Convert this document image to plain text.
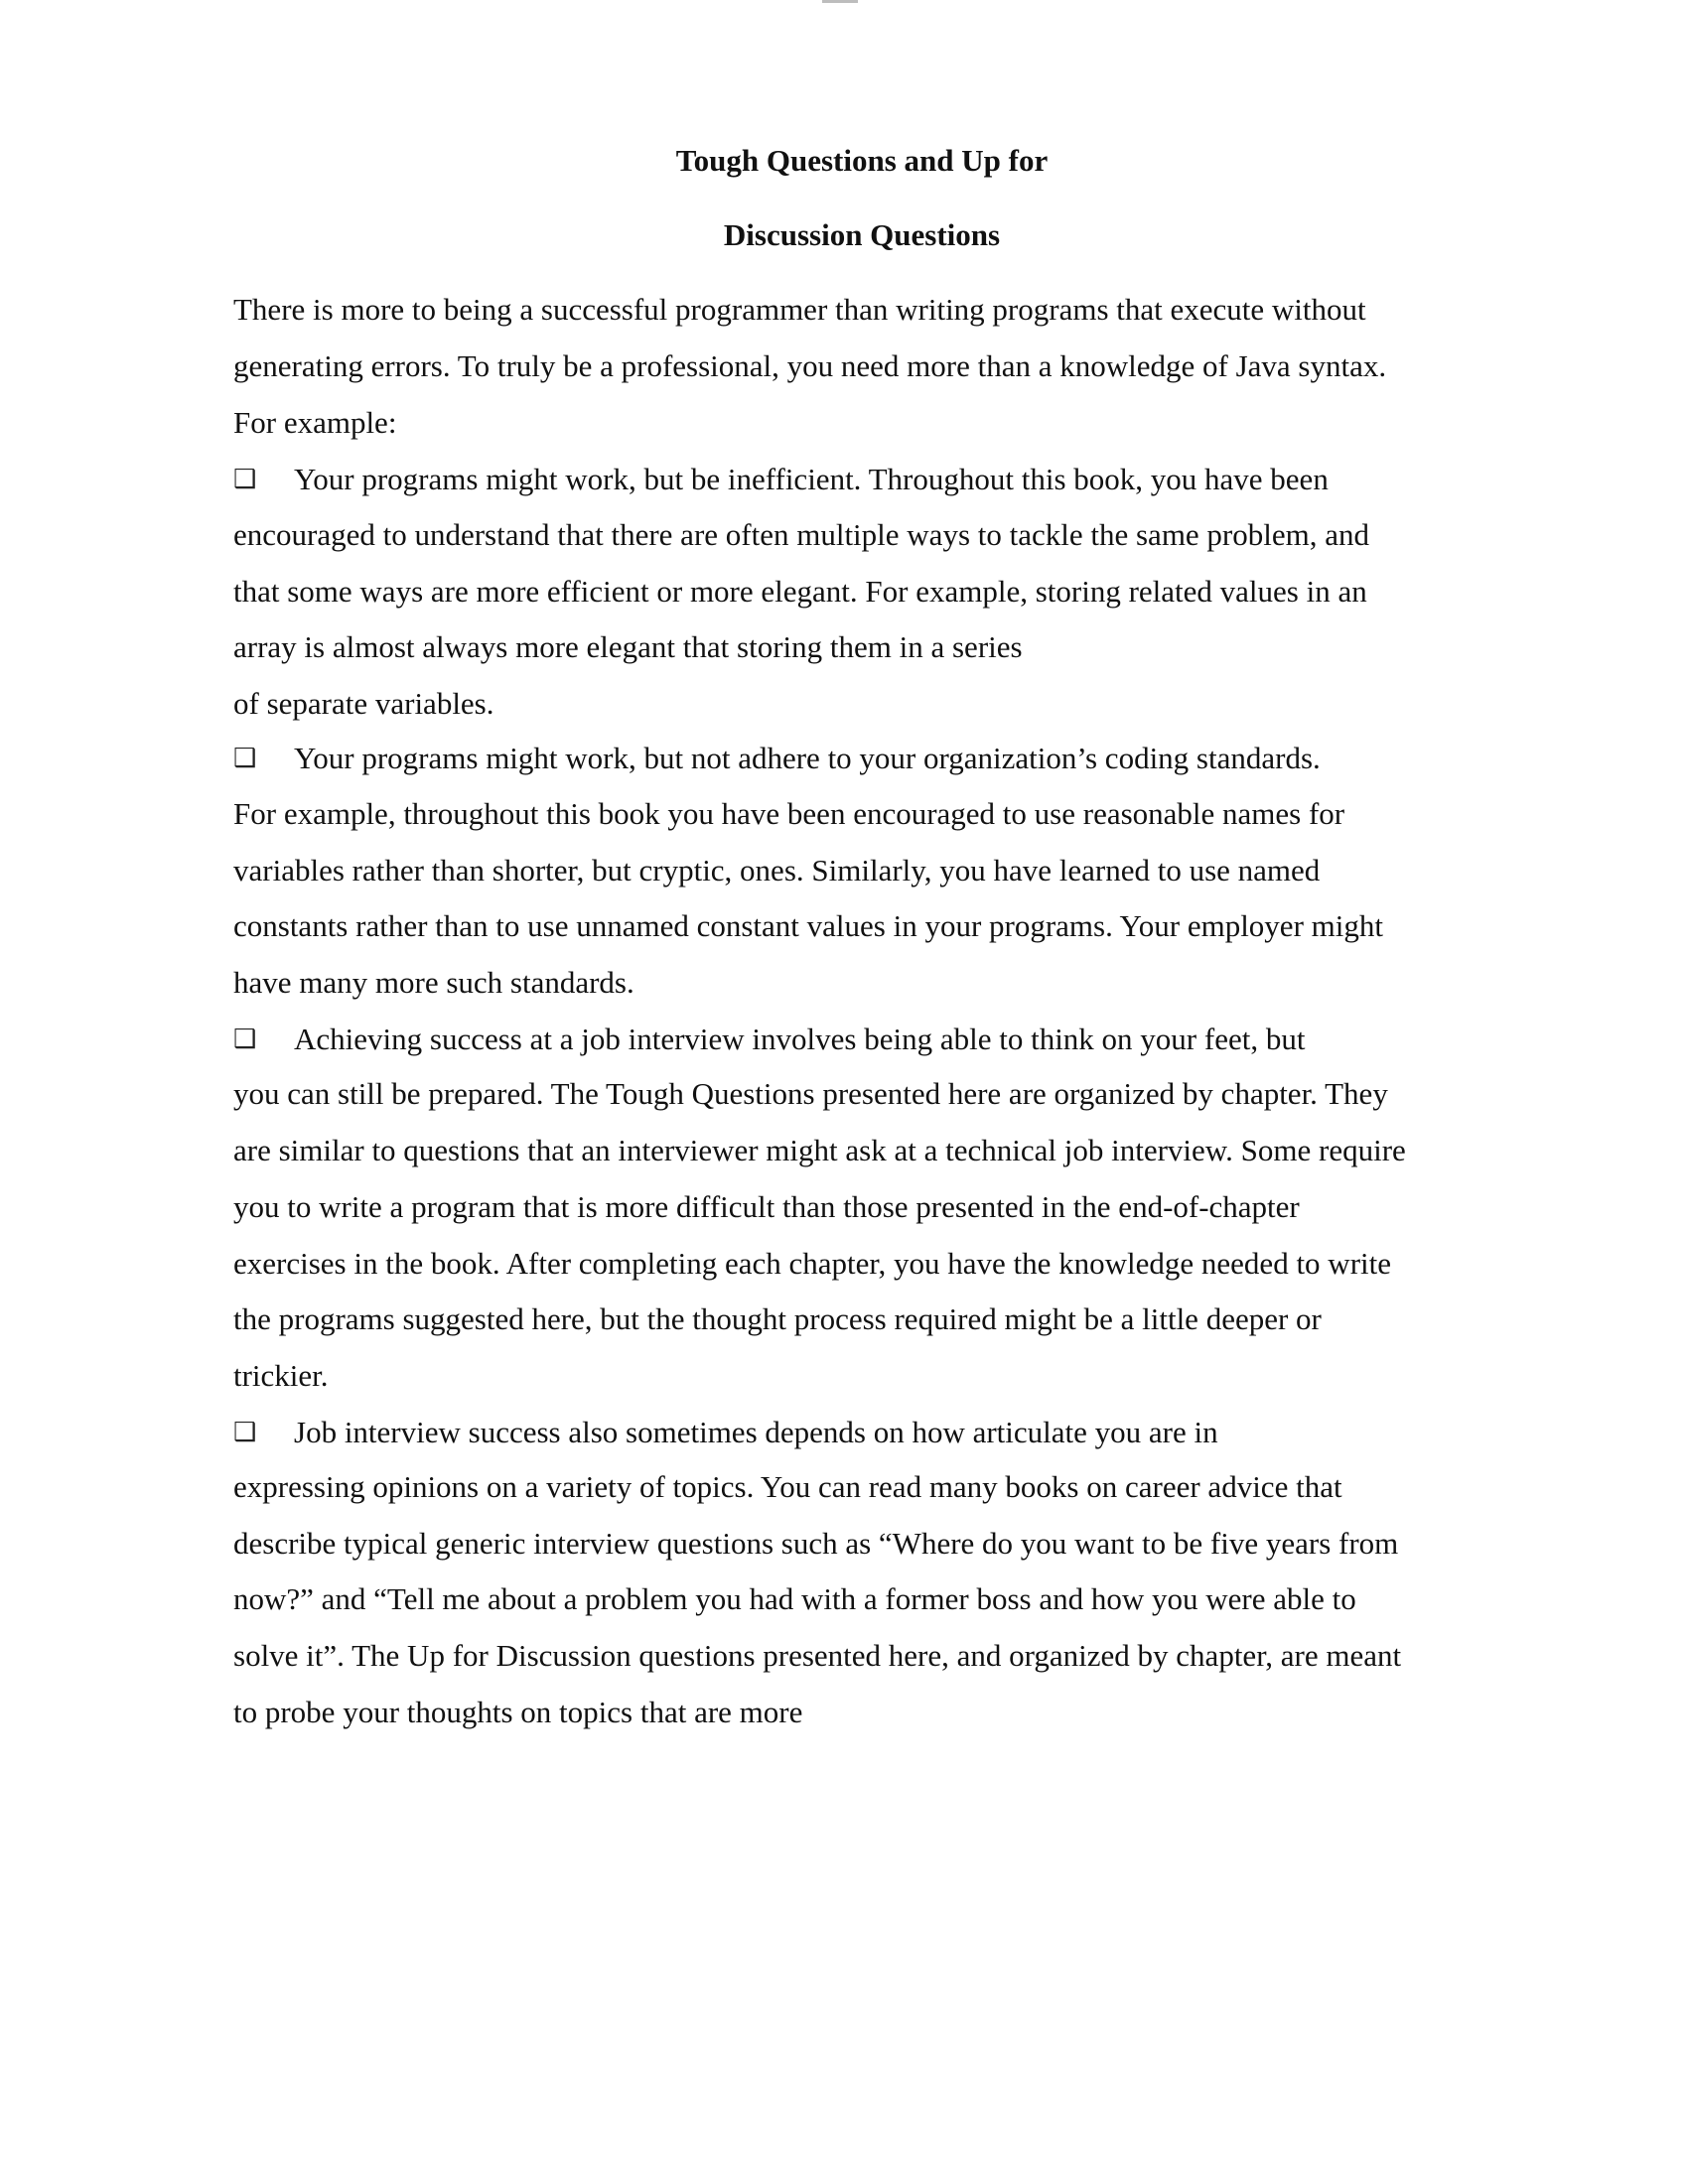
Tough Questions and Up for
Discussion Questions

There is more to being a successful programmer than writing programs that execute without

generating errors. To truly be a professional, you need more than a knowledge of Java syntax.

For example:

❑ Your programs might work, but be inefficient. Throughout this book, you have been

encouraged to understand that there are often multiple ways to tackle the same problem, and

that some ways are more efficient or more elegant. For example, storing related values in an

array is almost always more elegant that storing them in a series

of separate variables.

❑ Your programs might work, but not adhere to your organization’s coding standards.

For example, throughout this book you have been encouraged to use reasonable names for

variables rather than shorter, but cryptic, ones. Similarly, you have learned to use named

constants rather than to use unnamed constant values in your programs. Your employer might

have many more such standards.

❑ Achieving success at a job interview involves being able to think on your feet, but

you can still be prepared. The Tough Questions presented here are organized by chapter. They

are similar to questions that an interviewer might ask at a technical job interview. Some require

you to write a program that is more difficult than those presented in the end-of-chapter

exercises in the book. After completing each chapter, you have the knowledge needed to write

the programs suggested here, but the thought process required might be a little deeper or

trickier.

❑ Job interview success also sometimes depends on how articulate you are in

expressing opinions on a variety of topics. You can read many books on career advice that

describe typical generic interview questions such as “Where do you want to be five years from

now?” and “Tell me about a problem you had with a former boss and how you were able to

solve it”. The Up for Discussion questions presented here, and organized by chapter, are meant

to probe your thoughts on topics that are more
